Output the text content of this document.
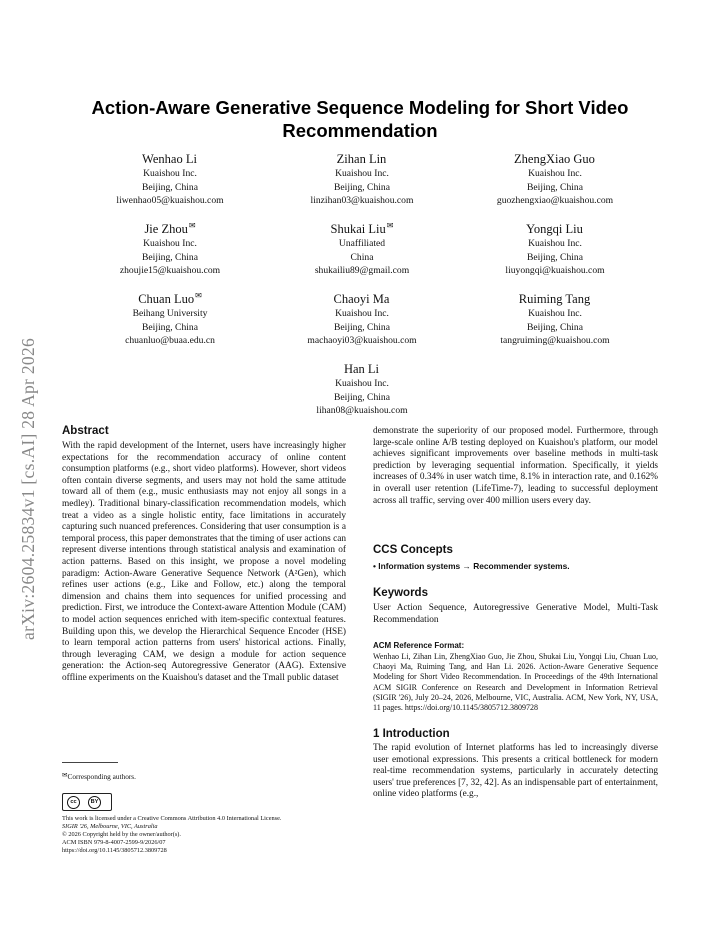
arXiv:2604.25834v1 [cs.AI] 28 Apr 2026
Action-Aware Generative Sequence Modeling for Short Video
Recommendation
Wenhao Li
Kuaishou Inc.
Beijing, China
liwenhao05@kuaishou.com
Zihan Lin
Kuaishou Inc.
Beijing, China
linzihan03@kuaishou.com
ZhengXiao Guo
Kuaishou Inc.
Beijing, China
guozhengxiao@kuaishou.com
Jie Zhou✉
Kuaishou Inc.
Beijing, China
zhoujie15@kuaishou.com
Shukai Liu✉
Unaffiliated
China
shukailiu89@gmail.com
Yongqi Liu
Kuaishou Inc.
Beijing, China
liuyongqi@kuaishou.com
Chuan Luo✉
Beihang University
Beijing, China
chuanluo@buaa.edu.cn
Chaoyi Ma
Kuaishou Inc.
Beijing, China
machaoyi03@kuaishou.com
Ruiming Tang
Kuaishou Inc.
Beijing, China
tangruiming@kuaishou.com
Han Li
Kuaishou Inc.
Beijing, China
lihan08@kuaishou.com
Abstract

With the rapid development of the Internet, users have increasingly higher expectations for the recommendation accuracy of online content consumption platforms (e.g., short video platforms). However, short videos often contain diverse segments, and users may not hold the same attitude toward all of them (e.g., music enthusiasts may not enjoy all songs in a medley). Traditional binary-classification recommendation models, which treat a video as a single holistic entity, face limitations in accurately capturing such nuanced preferences. Considering that user consumption is a temporal process, this paper demonstrates that the timing of user actions can represent diverse intentions through statistical analysis and examination of action patterns. Based on this insight, we propose a novel modeling paradigm: Action-Aware Generative Sequence Network (A²Gen), which refines user actions (e.g., Like and Follow, etc.) along the temporal dimension and chains them into sequences for unified processing and prediction. First, we introduce the Context-aware Attention Module (CAM) to model action sequences enriched with item-specific contextual features. Building upon this, we develop the Hierarchical Sequence Encoder (HSE) to learn temporal action patterns from users' historical actions. Finally, through leveraging CAM, we design a module for action sequence generation: the Action-seq Autoregressive Generator (AAG). Extensive offline experiments on the Kuaishou's dataset and the Tmall public dataset

✉Corresponding authors.
cc	BY
This work is licensed under a Creative Commons Attribution 4.0 International License.
SIGIR '26, Melbourne, VIC, Australia
© 2026 Copyright held by the owner/author(s).
ACM ISBN 979-8-4007-2599-9/2026/07
https://doi.org/10.1145/3805712.3809728

demonstrate the superiority of our proposed model. Furthermore, through large-scale online A/B testing deployed on Kuaishou's platform, our model achieves significant improvements over baseline methods in multi-task prediction by leveraging sequential information. Specifically, it yields increases of 0.34% in user watch time, 8.1% in interaction rate, and 0.162% in overall user retention (LifeTime-7), leading to successful deployment across all traffic, serving over 400 million users every day.

CCS Concepts

• Information systems → Recommender systems.

Keywords

User Action Sequence, Autoregressive Generative Model, Multi-Task Recommendation

ACM Reference Format:

Wenhao Li, Zihan Lin, ZhengXiao Guo, Jie Zhou, Shukai Liu, Yongqi Liu, Chuan Luo, Chaoyi Ma, Ruiming Tang, and Han Li. 2026. Action-Aware Generative Sequence Modeling for Short Video Recommendation. In Proceedings of the 49th International ACM SIGIR Conference on Research and Development in Information Retrieval (SIGIR '26), July 20–24, 2026, Melbourne, VIC, Australia. ACM, New York, NY, USA, 11 pages. https://doi.org/10.1145/3805712.3809728

1 Introduction

The rapid evolution of Internet platforms has led to increasingly diverse user emotional expressions. This presents a critical bottleneck for modern real-time recommendation systems, particularly in accurately detecting users' true preferences [7, 32, 42]. As an indispensable part of entertainment, online video platforms (e.g.,
